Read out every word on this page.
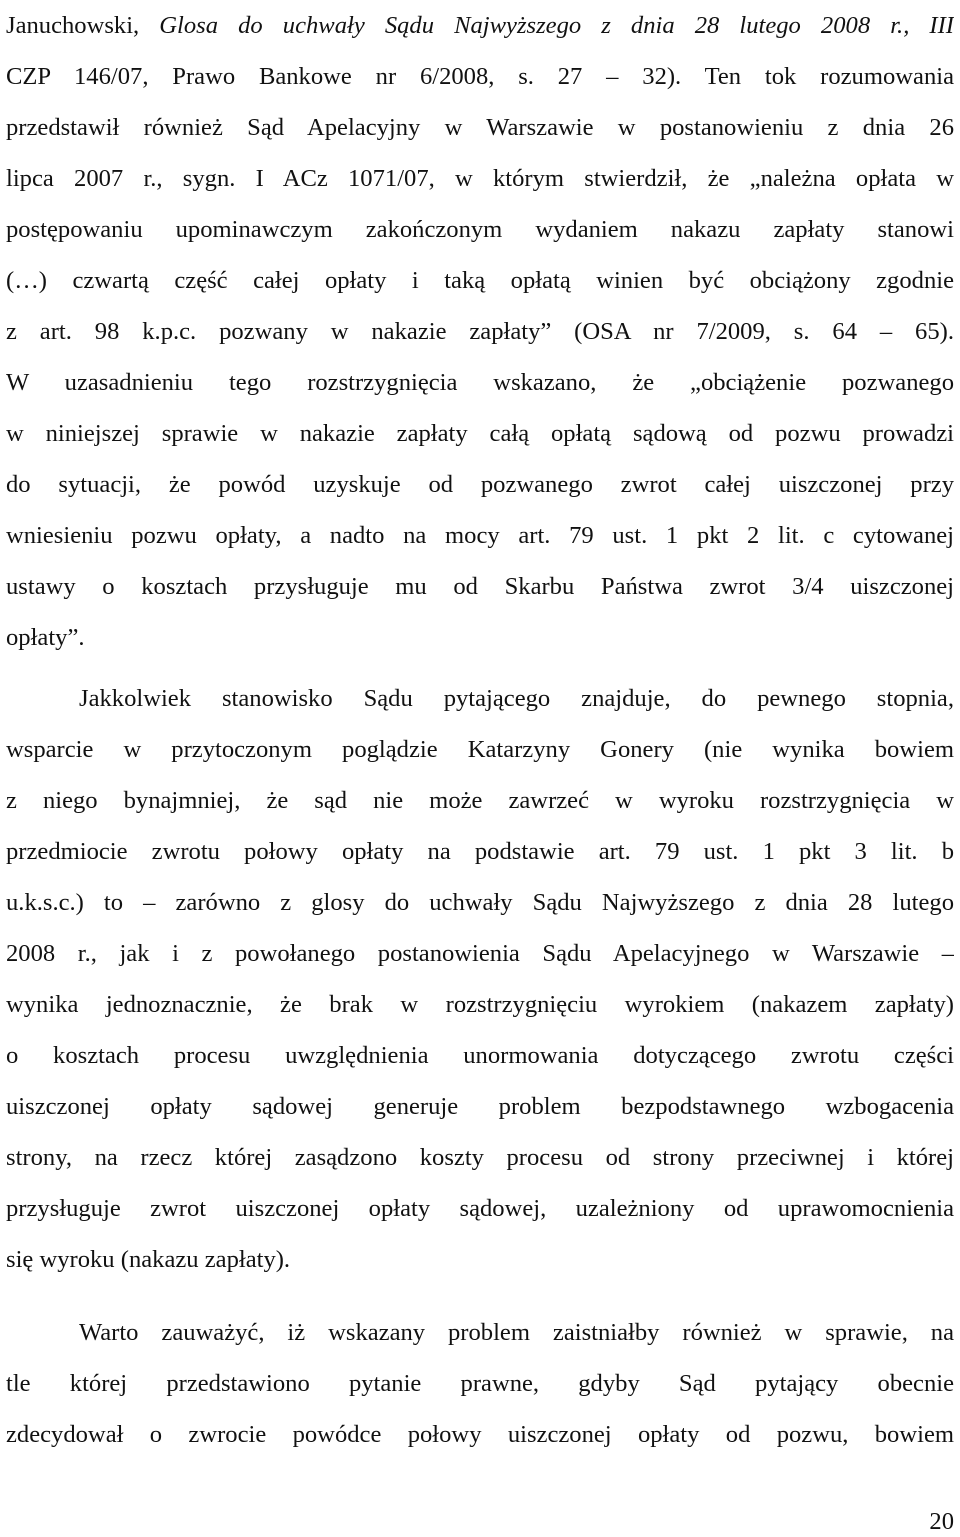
Januchowski, Glosa do uchwały Sądu Najwyższego z dnia 28 lutego 2008 r., III
CZP 146/07, Prawo Bankowe nr 6/2008, s. 27 – 32). Ten tok rozumowania
przedstawił również Sąd Apelacyjny w Warszawie w postanowieniu z dnia 26
lipca 2007 r., sygn. I ACz 1071/07, w którym stwierdził, że „należna opłata w
postępowaniu upominawczym zakończonym wydaniem nakazu zapłaty stanowi
(…) czwartą część całej opłaty i taką opłatą winien być obciążony zgodnie
z art. 98 k.p.c. pozwany w nakazie zapłaty” (OSA nr 7/2009, s. 64 – 65).
W uzasadnieniu tego rozstrzygnięcia wskazano, że „obciążenie pozwanego
w niniejszej sprawie w nakazie zapłaty całą opłatą sądową od pozwu prowadzi
do sytuacji, że powód uzyskuje od pozwanego zwrot całej uiszczonej przy
wniesieniu pozwu opłaty, a nadto na mocy art. 79 ust. 1 pkt 2 lit. c cytowanej
ustawy o kosztach przysługuje mu od Skarbu Państwa zwrot 3/4 uiszczonej
opłaty”.
Jakkolwiek stanowisko Sądu pytającego znajduje, do pewnego stopnia,
wsparcie w przytoczonym poglądzie Katarzyny Gonery (nie wynika bowiem
z niego bynajmniej, że sąd nie może zawrzeć w wyroku rozstrzygnięcia w
przedmiocie zwrotu połowy opłaty na podstawie art. 79 ust. 1 pkt 3 lit. b
u.k.s.c.) to – zarówno z glosy do uchwały Sądu Najwyższego z dnia 28 lutego
2008 r., jak i z powołanego postanowienia Sądu Apelacyjnego w Warszawie –
wynika jednoznacznie, że brak w rozstrzygnięciu wyrokiem (nakazem zapłaty)
o kosztach procesu uwzględnienia unormowania dotyczącego zwrotu części
uiszczonej opłaty sądowej generuje problem bezpodstawnego wzbogacenia
strony, na rzecz której zasądzono koszty procesu od strony przeciwnej i której
przysługuje zwrot uiszczonej opłaty sądowej, uzależniony od uprawomocnienia
się wyroku (nakazu zapłaty).
Warto zauważyć, iż wskazany problem zaistniałby również w sprawie, na
tle której przedstawiono pytanie prawne, gdyby Sąd pytający obecnie
zdecydował o zwrocie powódce połowy uiszczonej opłaty od pozwu, bowiem
20
